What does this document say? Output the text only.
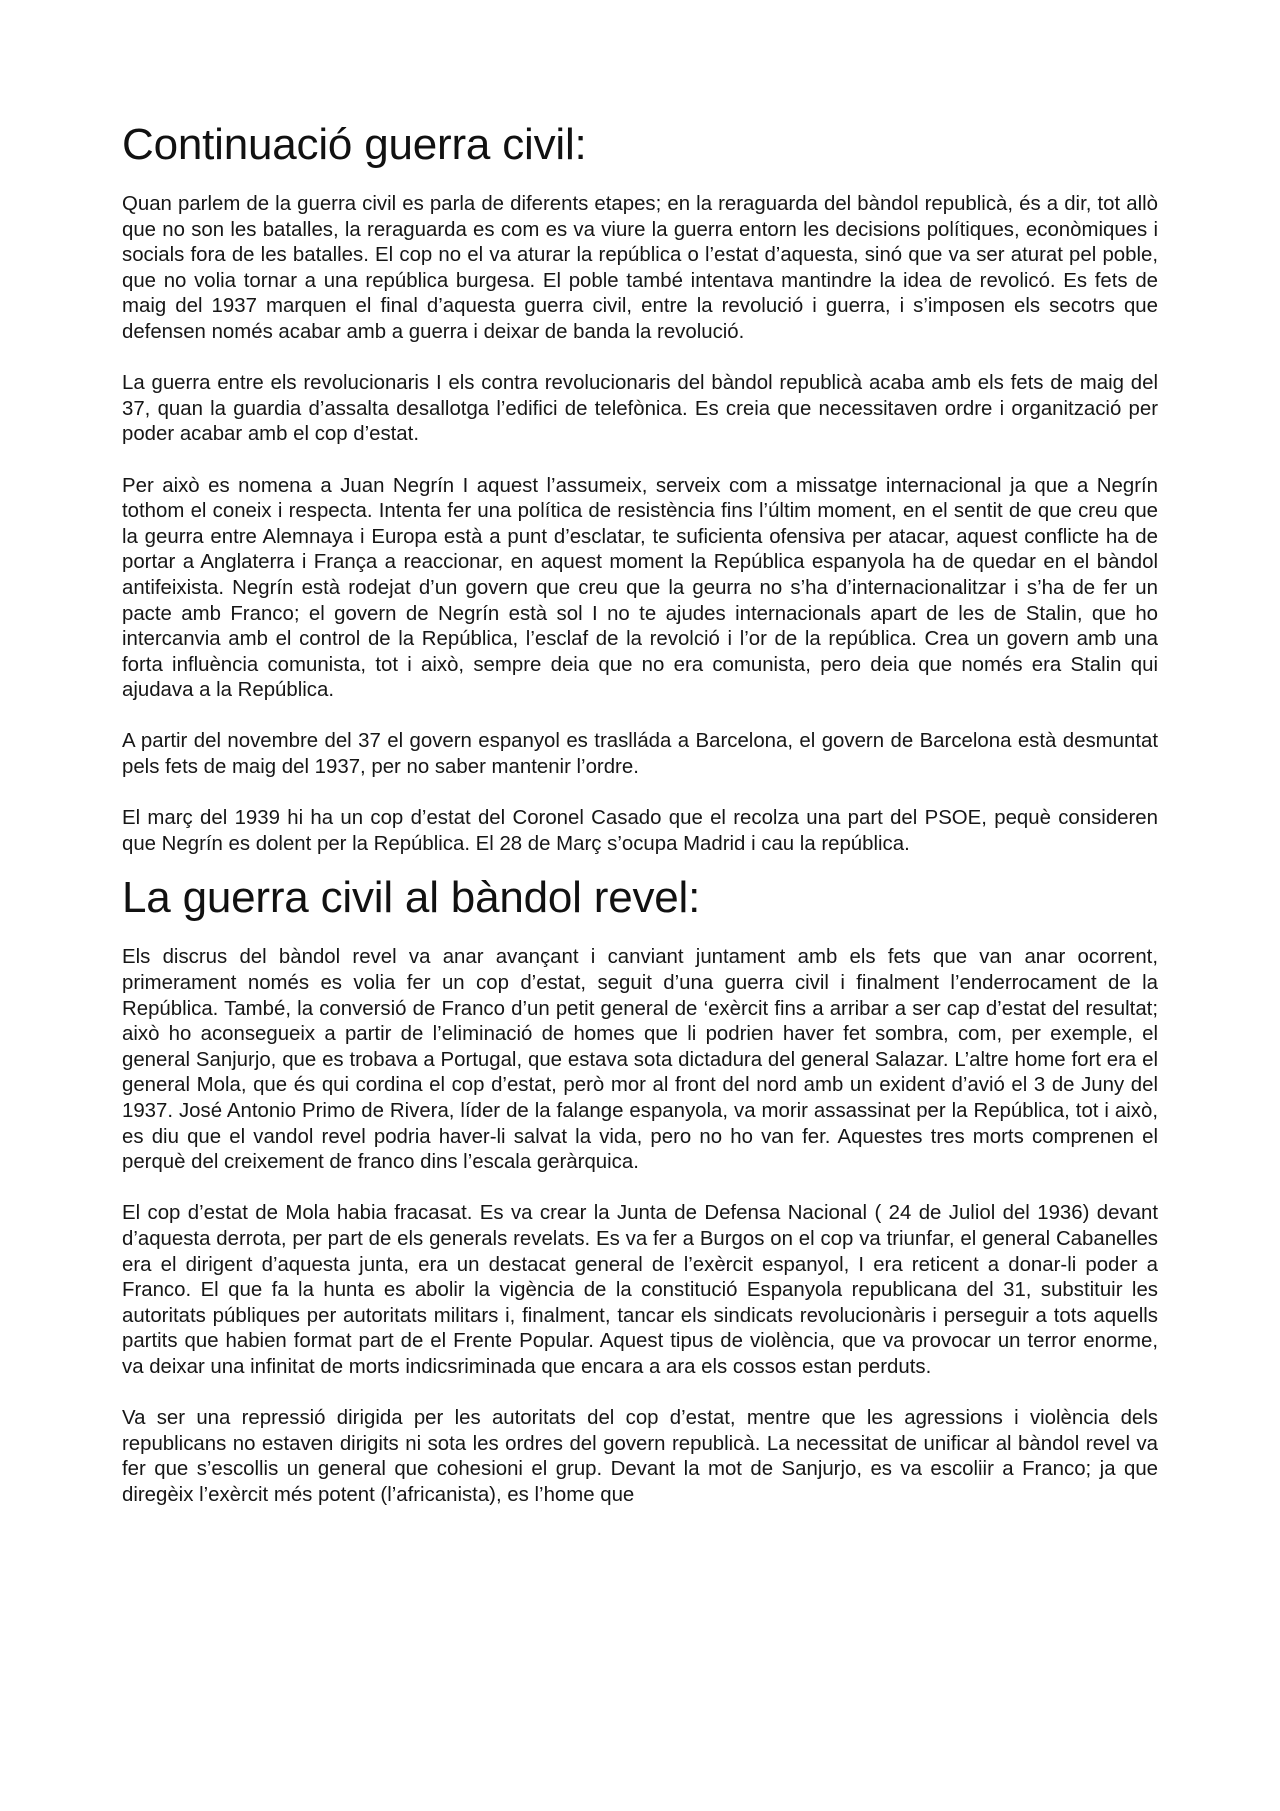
Continuació guerra civil:

Quan parlem de la guerra civil es parla de diferents etapes; en la reraguarda del bàndol republicà, és a dir, tot allò que no son les batalles, la reraguarda es com es va viure la guerra entorn les decisions polítiques, econòmiques i socials fora de les batalles. El cop no el va aturar la república o l’estat d’aquesta, sinó que va ser aturat pel poble, que no volia tornar a una república burgesa. El poble també intentava mantindre la idea de revolicó. Es fets de maig del 1937 marquen el final d’aquesta guerra civil, entre la revolució i guerra, i s’imposen els secotrs que defensen només acabar amb a guerra i deixar de banda la revolució.

La guerra entre els revolucionaris I els contra revolucionaris del bàndol republicà acaba amb els fets de maig del 37, quan la guardia d’assalta desallotga l’edifici de telefònica. Es creia que necessitaven ordre i organització per poder acabar amb el cop d’estat.

Per això es nomena a Juan Negrín I aquest l’assumeix, serveix com a missatge internacional ja que a Negrín tothom el coneix i respecta. Intenta fer una política de resistència fins l’últim moment, en el sentit de que creu que la geurra entre Alemnaya i Europa està a punt d’esclatar, te suficienta ofensiva per atacar, aquest conflicte ha de portar a Anglaterra i França a reaccionar, en aquest moment la República espanyola ha de quedar en el bàndol antifeixista. Negrín està rodejat d’un govern que creu que la geurra no s’ha d’internacionalitzar i s’ha de fer un pacte amb Franco; el govern de Negrín està sol I no te ajudes internacionals apart de les de Stalin, que ho intercanvia amb el control de la República, l’esclaf de la revolció i l’or de la república. Crea un govern amb una forta influència comunista, tot i això, sempre deia que no era comunista, pero deia que només era Stalin qui ajudava a la República.

A partir del novembre del 37 el govern espanyol es traslláda a Barcelona, el govern de Barcelona està desmuntat pels fets de maig del 1937, per no saber mantenir l’ordre.

El març del 1939 hi ha un cop d’estat del Coronel Casado que el recolza una part del PSOE, pequè consideren que Negrín es dolent per la República. El 28 de Març s’ocupa Madrid i cau la república.

La guerra civil al bàndol revel:

Els discrus del bàndol revel va anar avançant i canviant juntament amb els fets que van anar ocorrent, primerament només es volia fer un cop d’estat, seguit d’una guerra civil i finalment l’enderrocament de la República. També, la conversió de Franco d’un petit general de ‘exèrcit fins a arribar a ser cap d’estat del resultat; això ho aconsegueix a partir de l’eliminació de homes que li podrien haver fet sombra, com, per exemple, el general Sanjurjo, que es trobava a Portugal, que estava sota dictadura del general Salazar. L’altre home fort era el general Mola, que és qui cordina el cop d’estat, però mor al front del nord amb un exident d’avió el 3 de Juny del 1937. José Antonio Primo de Rivera, líder de la falange espanyola, va morir assassinat per la República, tot i això, es diu que el vandol revel podria haver-li salvat la vida, pero no ho van fer. Aquestes tres morts comprenen el perquè del creixement de franco dins l’escala geràrquica.

El cop d’estat de Mola habia fracasat. Es va crear la Junta de Defensa Nacional ( 24 de Juliol del 1936) devant d’aquesta derrota, per part de els generals revelats. Es va fer a Burgos on el cop va triunfar, el general Cabanelles era el dirigent d’aquesta junta, era un destacat general de l’exèrcit espanyol, I era reticent a donar-li poder a Franco. El que fa la hunta es abolir la vigència de la constitució Espanyola republicana del 31, substituir les autoritats públiques per autoritats militars i, finalment, tancar els sindicats revolucionàris i perseguir a tots aquells partits que habien format part de el Frente Popular. Aquest tipus de violència, que va provocar un terror enorme, va deixar una infinitat de morts indicsriminada que encara a ara els cossos estan perduts.

Va ser una repressió dirigida per les autoritats del cop d’estat, mentre que les agressions i violència dels republicans no estaven dirigits ni sota les ordres del govern republicà. La necessitat de unificar al bàndol revel va fer que s’escollis un general que cohesioni el grup. Devant la mot de Sanjurjo, es va escoliir a Franco; ja que diregèix l’exèrcit més potent (l’africanista), es l’home que
